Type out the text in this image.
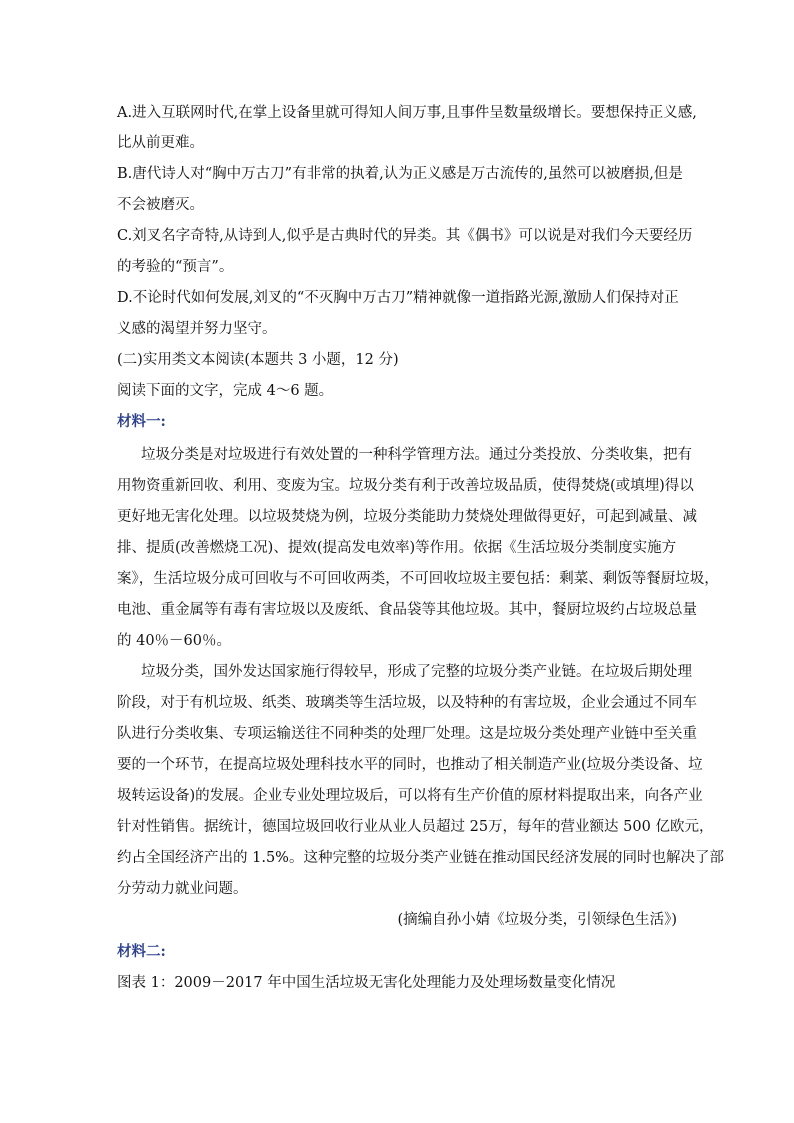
A.进入互联网时代,在掌上设备里就可得知人间万事,且事件呈数量级增长。要想保持正义感,
比从前更难。
B.唐代诗人对“胸中万古刀”有非常的执着,认为正义感是万古流传的,虽然可以被磨损,但是
不会被磨灭。
C.刘叉名字奇特,从诗到人,似乎是古典时代的异类。其《偶书》可以说是对我们今天要经历
的考验的“预言”。
D.不论时代如何发展,刘叉的“不灭胸中万古刀”精神就像一道指路光源,激励人们保持对正
义感的渴望并努力坚守。
(二)实用类文本阅读(本题共 3 小题，12 分)
阅读下面的文字，完成 4～6 题。
材料一:
垃圾分类是对垃圾进行有效处置的一种科学管理方法。通过分类投放、分类收集，把有
用物资重新回收、利用、变废为宝。垃圾分类有利于改善垃圾品质，使得焚烧(或填埋)得以
更好地无害化处理。以垃圾焚烧为例，垃圾分类能助力焚烧处理做得更好，可起到减量、减
排、提质(改善燃烧工况)、提效(提高发电效率)等作用。依据《生活垃圾分类制度实施方
案》，生活垃圾分成可回收与不可回收两类，不可回收垃圾主要包括：剩菜、剩饭等餐厨垃圾，
电池、重金属等有毒有害垃圾以及废纸、食品袋等其他垃圾。其中，餐厨垃圾约占垃圾总量
的 40％－60％。
垃圾分类，国外发达国家施行得较早，形成了完整的垃圾分类产业链。在垃圾后期处理
阶段，对于有机垃圾、纸类、玻璃类等生活垃圾，以及特种的有害垃圾，企业会通过不同车
队进行分类收集、专项运输送往不同种类的处理厂处理。这是垃圾分类处理产业链中至关重
要的一个环节，在提高垃圾处理科技水平的同时，也推动了相关制造产业(垃圾分类设备、垃
圾转运设备)的发展。企业专业处理垃圾后，可以将有生产价值的原材料提取出来，向各产业
针对性销售。据统计，德国垃圾回收行业从业人员超过 25万，每年的营业额达 500 亿欧元，
约占全国经济产出的 1.5%。这种完整的垃圾分类产业链在推动国民经济发展的同时也解决了部
分劳动力就业问题。
(摘编自孙小婧《垃圾分类，引领绿色生活》)
材料二:
图表 1：2009－2017 年中国生活垃圾无害化处理能力及处理场数量变化情况
